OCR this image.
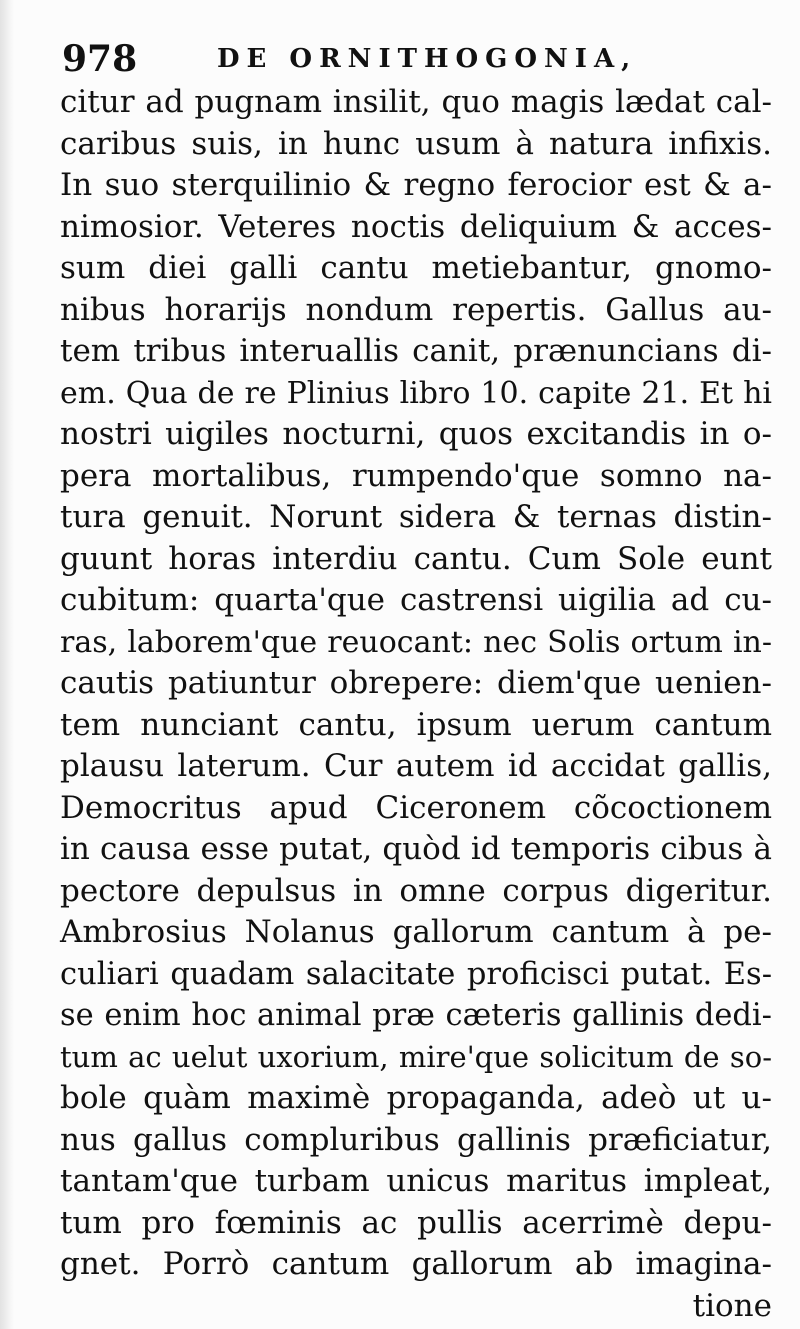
978	DE ORNITHOGONIA,
citur ad pugnam insilit, quo magis lædat cal-
caribus suis, in hunc usum à natura infixis.
In suo sterquilinio & regno ferocior est & a-
nimosior. Veteres noctis deliquium & acces-
sum diei galli cantu metiebantur, gnomo-
nibus horarijs nondum repertis. Gallus au-
tem tribus interuallis canit, prænuncians di-
em. Qua de re Plinius libro 10. capite 21. Et hi
nostri uigiles nocturni, quos excitandis in o-
pera mortalibus, rumpendo'que somno na-
tura genuit. Norunt sidera & ternas distin-
guunt horas interdiu cantu. Cum Sole eunt
cubitum: quarta'que castrensi uigilia ad cu-
ras, laborem'que reuocant: nec Solis ortum in-
cautis patiuntur obrepere: diem'que uenien-
tem nunciant cantu, ipsum uerum cantum
plausu laterum. Cur autem id accidat gallis,
Democritus apud Ciceronem cõcoctionem
in causa esse putat, quòd id temporis cibus à
pectore depulsus in omne corpus digeritur.
Ambrosius Nolanus gallorum cantum à pe-
culiari quadam salacitate proficisci putat. Es-
se enim hoc animal præ cæteris gallinis dedi-
tum ac uelut uxorium, mire'que solicitum de so-
bole quàm maximè propaganda, adeò ut u-
nus gallus compluribus gallinis præficiatur,
tantam'que turbam unicus maritus impleat,
tum pro fœminis ac pullis acerrimè depu-
gnet. Porrò cantum gallorum ab imagina-
tione
